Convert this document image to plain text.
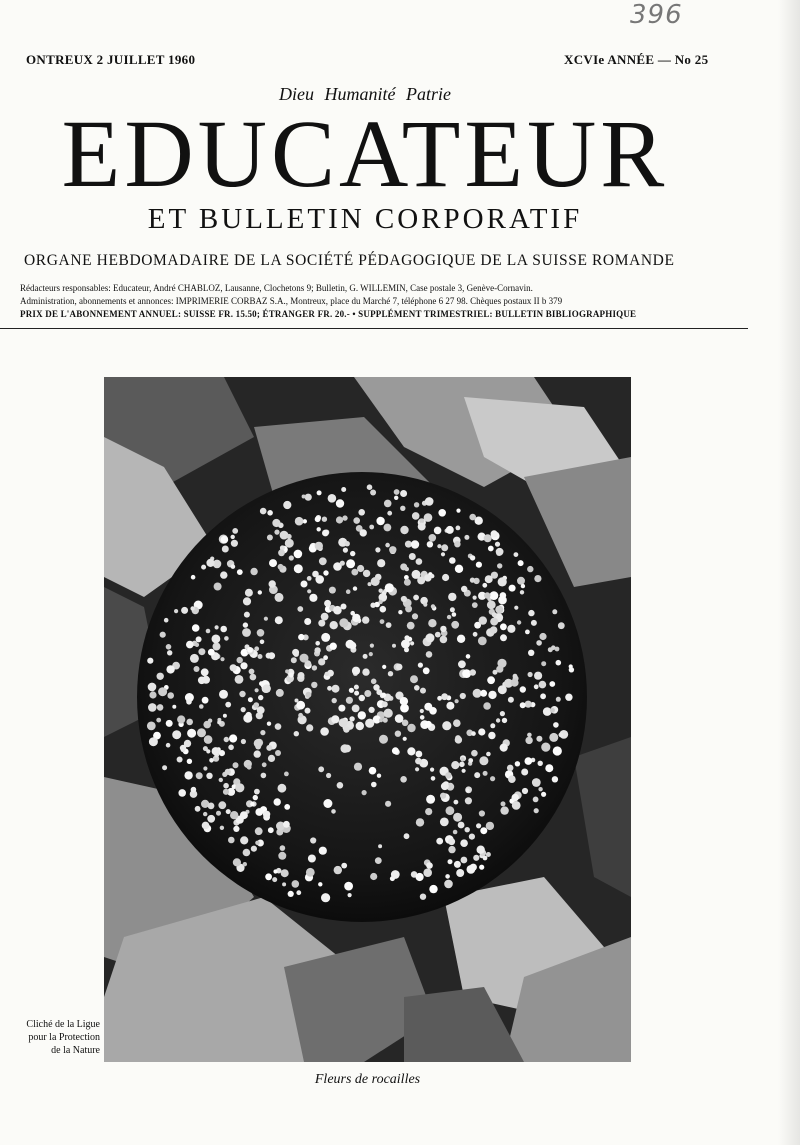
396
ONTREUX 2 JUILLET 1960	XCVIe ANNÉE — No 25
Dieu Humanité Patrie
EDUCATEUR
ET BULLETIN CORPORATIF
ORGANE HEBDOMADAIRE DE LA SOCIÉTÉ PÉDAGOGIQUE DE LA SUISSE ROMANDE
Rédacteurs responsables: Educateur, André CHABLOZ, Lausanne, Clochetons 9; Bulletin, G. WILLEMIN, Case postale 3, Genève-Cornavin.
Administration, abonnements et annonces: IMPRIMERIE CORBAZ S.A., Montreux, place du Marché 7, téléphone 6 27 98. Chèques postaux II b 379
PRIX DE L'ABONNEMENT ANNUEL: SUISSE FR. 15.50; ÉTRANGER FR. 20.- • SUPPLÉMENT TRIMESTRIEL: BULLETIN BIBLIOGRAPHIQUE
Cliché de la Ligue
pour la Protection
de la Nature
Fleurs de rocailles
